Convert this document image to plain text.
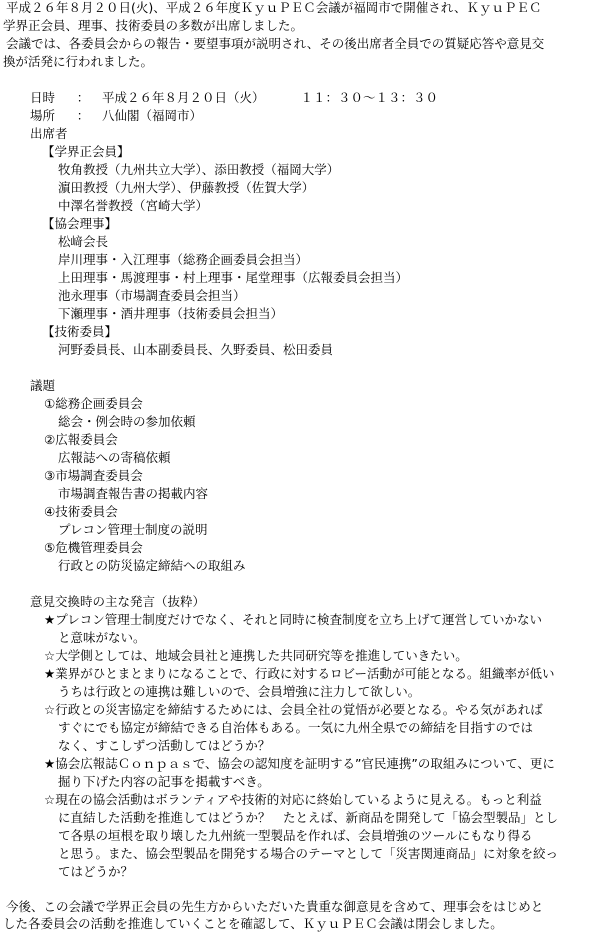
平成２６年８月２０日(火)、平成２６年度ＫｙｕＰＥＣ会議が福岡市で開催され、ＫｙｕＰＥＣ
学界正会員、理事、技術委員の多数が出席しました。
会議では、各委員会からの報告・要望事項が説明され、その後出席者全員での質疑応答や意見交
換が活発に行われました。
日時 ： 平成２６年８月２０日（火）	１１：３０～１３：３０
場所 ： 八仙閣（福岡市）
出席者
【学界正会員】
牧角教授（九州共立大学）、添田教授（福岡大学）
濵田教授（九州大学）、伊藤教授（佐賀大学）
中澤名誉教授（宮崎大学）
【協会理事】
松﨑会長
岸川理事・入江理事（総務企画委員会担当）
上田理事・馬渡理事・村上理事・尾堂理事（広報委員会担当）
池永理事（市場調査委員会担当）
下瀬理事・酒井理事（技術委員会担当）
【技術委員】
河野委員長、山本副委員長、久野委員、松田委員
議題
①総務企画委員会
総会・例会時の参加依頼
②広報委員会
広報誌への寄稿依頼
③市場調査委員会
市場調査報告書の掲載内容
④技術委員会
プレコン管理士制度の説明
⑤危機管理委員会
行政との防災協定締結への取組み
意見交換時の主な発言（抜粋）
★プレコン管理士制度だけでなく、それと同時に検査制度を立ち上げて運営していかない
と意味がない。
☆大学側としては、地域会員社と連携した共同研究等を推進していきたい。
★業界がひとまとまりになることで、行政に対するロビー活動が可能となる。組織率が低い
うちは行政との連携は難しいので、会員増強に注力して欲しい。
☆行政との災害協定を締結するためには、会員全社の覚悟が必要となる。やる気があれば
すぐにでも協定が締結できる自治体もある。一気に九州全県での締結を目指すのでは
なく、すこしずつ活動してはどうか？
★協会広報誌Ｃｏｎｐａｓで、協会の認知度を証明する”官民連携”の取組みについて、更に
掘り下げた内容の記事を掲載すべき。
☆現在の協会活動はボランティアや技術的対応に終始しているように見える。もっと利益
に直結した活動を推進してはどうか？　たとえば、新商品を開発して「協会型製品」とし
て各県の垣根を取り壊した九州統一型製品を作れば、会員増強のツールにもなり得る
と思う。また、協会型製品を開発する場合のテーマとして「災害関連商品」に対象を絞っ
てはどうか？
今後、この会議で学界正会員の先生方からいただいた貴重な御意見を含めて、理事会をはじめと
した各委員会の活動を推進していくことを確認して、ＫｙｕＰＥＣ会議は閉会しました。
